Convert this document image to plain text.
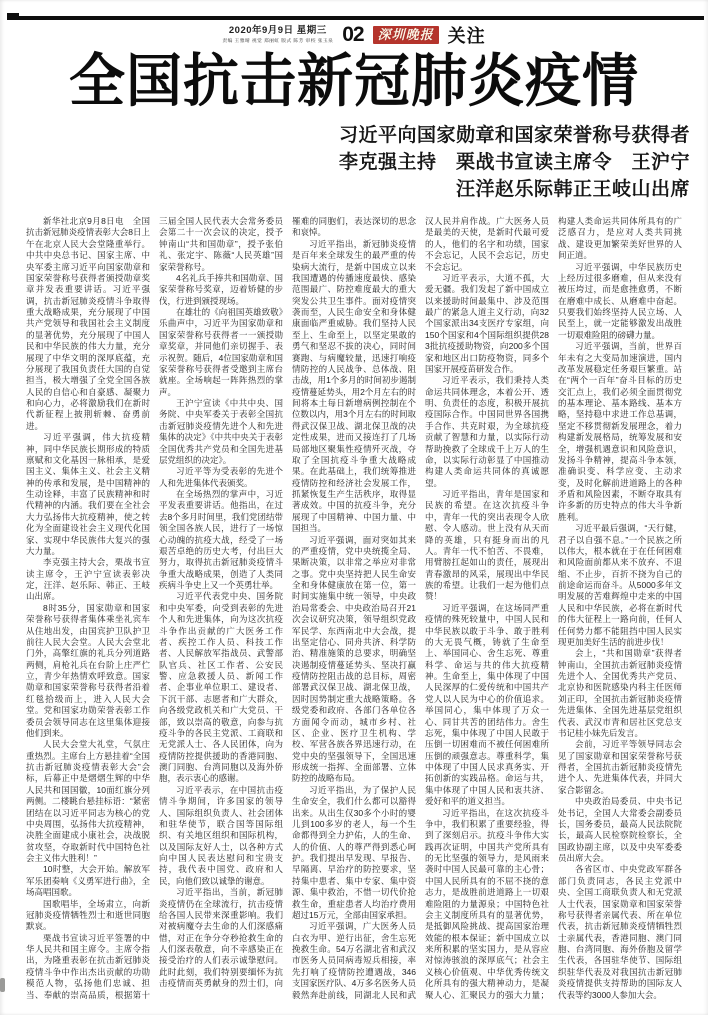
2020年9月9日 星期三
责编 王雅晴 视觉 郑丽虹 版式 陈芳 审校 张玉泉 02	深圳晚报 关注
全国抗击新冠肺炎疫情
习近平向国家勋章和国家荣誉称号获得者
李克强主持　栗战书宣读主席令　王沪宁
汪洋赵乐际韩正王岐山出席

新华社北京9月8日电　全国抗击新冠肺炎疫情表彰大会8日上午在北京人民大会堂隆重举行。中共中央总书记、国家主席、中央军委主席习近平向国家勋章和国家荣誉称号获得者颁授勋章奖章并发表重要讲话。习近平强调，抗击新冠肺炎疫情斗争取得重大战略成果，充分展现了中国共产党领导和我国社会主义制度的显著优势，充分展现了中国人民和中华民族的伟大力量，充分展现了中华文明的深厚底蕴，充分展现了我国负责任大国的自觉担当，极大增强了全党全国各族人民的自信心和自豪感、凝聚力和向心力，必将激励我们在新时代新征程上披荆斩棘、奋勇前进。

习近平强调，伟大抗疫精神，同中华民族长期形成的特质禀赋和文化基因一脉相承，是爱国主义、集体主义、社会主义精神的传承和发展，是中国精神的生动诠释，丰富了民族精神和时代精神的内涵。我们要在全社会大力弘扬伟大抗疫精神，使之转化为全面建设社会主义现代化国家、实现中华民族伟大复兴的强大力量。

李克强主持大会，栗战书宣读主席令，王沪宁宣读表彰决定，汪洋、赵乐际、韩正、王岐山出席。

8时35分，国家勋章和国家荣誉称号获得者集体乘坐礼宾车从住地出发，由国宾护卫队护卫前往人民大会堂。人民大会堂北门外，高擎红旗的礼兵分列道路两侧，肩枪礼兵在台阶上庄严伫立，青少年热情欢呼致意。国家勋章和国家荣誉称号获得者沿着红毯拾级而上，进入人民大会堂。党和国家功勋荣誉表彰工作委员会领导同志在这里集体迎接他们到来。

人民大会堂大礼堂，气氛庄重热烈。主席台上方悬挂着“全国抗击新冠肺炎疫情表彰大会”会标，后幕正中是熠熠生辉的中华人民共和国国徽，10面红旗分列两侧。二楼眺台悬挂标语：“紧密团结在以习近平同志为核心的党中央周围，弘扬伟大抗疫精神，决胜全面建成小康社会，决战脱贫攻坚，夺取新时代中国特色社会主义伟大胜利！”

10时整，大会开始。解放军军乐团奏响《义勇军进行曲》，全场高唱国歌。

国歌唱毕，全场肃立，向新冠肺炎疫情牺牲烈士和逝世同胞默哀。

栗战书宣读习近平签署的中华人民共和国主席令。主席令指出，为隆重表彰在抗击新冠肺炎疫情斗争中作出杰出贡献的功勋模范人物，弘扬他们忠诚、担当、奉献的崇高品质，根据第十三届全国人民代表大会常务委员会第二十一次会议的决定，授予钟南山“共和国勋章”，授予张伯礼、张定宇、陈薇“人民英雄”国家荣誉称号。

4名礼兵手捧共和国勋章、国家荣誉称号奖章，迈着矫健的步伐，行进到颁授现场。

在雄壮的《向祖国英雄致敬》乐曲声中，习近平为国家勋章和国家荣誉称号获得者一一颁授勋章奖章，并同他们亲切握手、表示祝贺。随后，4位国家勋章和国家荣誉称号获得者受邀到主席台就座。全场响起一阵阵热烈的掌声。

王沪宁宣读《中共中央、国务院、中央军委关于表彰全国抗击新冠肺炎疫情先进个人和先进集体的决定》《中共中央关于表彰全国优秀共产党员和全国先进基层党组织的决定》。

习近平等为受表彰的先进个人和先进集体代表颁奖。

在全场热烈的掌声中，习近平发表重要讲话。他指出，在过去8个多月时间里，我们党团结带领全国各族人民，进行了一场惊心动魄的抗疫大战，经受了一场艰苦卓绝的历史大考，付出巨大努力，取得抗击新冠肺炎疫情斗争重大战略成果，创造了人类同疾病斗争史上又一个英勇壮举。

习近平代表党中央、国务院和中央军委，向受到表彰的先进个人和先进集体，向为这次抗疫斗争作出贡献的广大医务工作者、疾控工作人员、科技工作者、人民解放军指战员、武警部队官兵、社区工作者、公安民警、应急救援人员、新闻工作者、企事业单位职工、建设者、下沉干部、志愿者和广大群众，向各级党政机关和广大党员、干部，致以崇高的敬意，向参与抗疫斗争的各民主党派、工商联和无党派人士、各人民团体，向为疫情防控提供援助的香港同胞、澳门同胞、台湾同胞以及海外侨胞，表示衷心的感谢。

习近平表示，在中国抗击疫情斗争期间，许多国家的领导人、国际组织负责人、社会团体和驻华使节，联合国等国际组织、有关地区组织和国际机构，以及国际友好人士，以各种方式向中国人民表达慰问和宝贵支持，我代表中国党、政府和人民，向他们致以诚挚的谢意。

习近平指出，当前，新冠肺炎疫情仍在全球流行，抗击疫情给各国人民带来深重影响。我们对被病魔夺去生命的人们深感痛惜，对正在争分夺秒抢救生命的人们深表敬意，向不幸感染正在接受治疗的人们表示诚挚慰问。此时此刻，我们特别要缅怀为抗击疫情而英勇献身的烈士们，向罹难的同胞们，表达深切的思念和哀悼。

习近平指出，新冠肺炎疫情是百年来全球发生的最严重的传染病大流行，是新中国成立以来我国遭遇的传播速度最快、感染范围最广、防控难度最大的重大突发公共卫生事件。面对疫情突袭而至，人民生命安全和身体健康面临严重威胁。我们坚持人民至上、生命至上，以坚定果敢的勇气和坚忍不拔的决心，同时间赛跑、与病魔较量，迅速打响疫情防控的人民战争、总体战、阻击战，用1个多月的时间初步遏制疫情蔓延势头，用2个月左右的时间将本土每日新增病例控制在个位数以内，用3个月左右的时间取得武汉保卫战、湖北保卫战的决定性成果，进而又接连打了几场局部地区聚集性疫情歼灭战，夺取了全国抗疫斗争重大战略成果。在此基础上，我们统筹推进疫情防控和经济社会发展工作，抓紧恢复生产生活秩序，取得显著成效。中国的抗疫斗争，充分展现了中国精神、中国力量、中国担当。

习近平强调，面对突如其来的严重疫情，党中央统揽全局、果断决策，以非常之举应对非常之事。党中央坚持把人民生命安全和身体健康放在第一位，第一时间实施集中统一领导，中央政治局常委会、中央政治局召开21次会议研究决策，领导组织党政军民学、东西南北中大会战，提出坚定信心、同舟共济、科学防治、精准施策的总要求，明确坚决遏制疫情蔓延势头、坚决打赢疫情防控阻击战的总目标，周密部署武汉保卫战、湖北保卫战，因时因势制定重大战略策略。各级党委和政府、各部门各单位各方面闻令而动，城市乡村、社区、企业、医疗卫生机构、学校、军营各族各界迅速行动，在党中央的坚强领导下，全国迅速形成统一指挥、全面部署、立体防控的战略布局。

习近平指出，为了保护人民生命安全，我们什么都可以豁得出来。从出生仅30多个小时的婴儿到100多岁的老人，每一个生命都得到全力护佑，人的生命、人的价值、人的尊严得到悉心呵护。我们提出早发现、早报告、早隔离、早治疗的防控要求，坚持集中患者、集中专家、集中资源、集中救治，不惜一切代价抢救生命，重症患者人均治疗费用超过15万元，全部由国家承担。

习近平强调，广大医务人员白衣为甲、逆行出征，舍生忘死挽救生命。54万名湖北省和武汉市医务人员同病毒短兵相接，率先打响了疫情防控遭遇战，346支国家医疗队、4万多名医务人员毅然奔赴前线，同湖北人民和武汉人民并肩作战。广大医务人员是最美的天使，是新时代最可爱的人，他们的名字和功绩，国家不会忘记，人民不会忘记，历史不会忘记。

习近平表示，大道不孤，大爱无疆。我们发起了新中国成立以来援助时间最集中、涉及范围最广的紧急人道主义行动，向32个国家派出34支医疗专家组，向150个国家和4个国际组织提供283批抗疫援助物资，向200多个国家和地区出口防疫物资，同多个国家开展疫苗研发合作。

习近平表示，我们秉持人类命运共同体理念，本着公开、透明、负责任的态度，积极开展抗疫国际合作。中国同世界各国携手合作、共克时艰，为全球抗疫贡献了智慧和力量，以实际行动帮助挽救了全球成千上万人的生命，以实际行动彰显了中国推动构建人类命运共同体的真诚愿望。

习近平指出，青年是国家和民族的希望。在这次抗疫斗争中，青年一代的突出表现令人欣慰、令人感动。世上没有从天而降的英雄，只有挺身而出的凡人。青年一代不怕苦、不畏难，用臂膀扛起如山的责任，展现出青春激昂的风采，展现出中华民族的希望。让我们一起为他们点赞！

习近平强调，在这场同严重疫情的殊死较量中，中国人民和中华民族以敢于斗争、敢于胜利的大无畏气概，铸就了生命至上、举国同心、舍生忘死、尊重科学、命运与共的伟大抗疫精神。生命至上，集中体现了中国人民深厚的仁爱传统和中国共产党人以人民为中心的价值追求。举国同心，集中体现了万众一心、同甘共苦的团结伟力。舍生忘死，集中体现了中国人民敢于压倒一切困难而不被任何困难所压倒的顽强意志。尊重科学，集中体现了中国人民求真务实、开拓创新的实践品格。命运与共，集中体现了中国人民和衷共济、爱好和平的道义担当。

习近平指出，在这次抗疫斗争中，我们积累了重要经验，得到了深刻启示。抗疫斗争伟大实践再次证明，中国共产党所具有的无比坚强的领导力，是风雨来袭时中国人民最可靠的主心骨；中国人民所具有的不屈不挠的意志力，是战胜前进道路上一切艰难险阻的力量源泉；中国特色社会主义制度所具有的显著优势，是抵御风险挑战、提高国家治理效能的根本保证；新中国成立以来所积累的坚实国力，是从容应对惊涛骇浪的深厚底气；社会主义核心价值观、中华优秀传统文化所具有的强大精神动力，是凝聚人心、汇聚民力的强大力量；构建人类命运共同体所具有的广泛感召力，是应对人类共同挑战、建设更加繁荣美好世界的人间正道。

习近平强调，中华民族历史上经历过很多磨难，但从来没有被压垮过，而是愈挫愈勇，不断在磨难中成长、从磨难中奋起。只要我们始终坚持人民立场、人民至上，就一定能够激发出战胜一切艰难险阻的磅礴力量。

习近平强调，当前，世界百年未有之大变局加速演进，国内改革发展稳定任务艰巨繁重。站在“两个一百年”奋斗目标的历史交汇点上，我们必须全面贯彻党的基本理论、基本路线、基本方略，坚持稳中求进工作总基调，坚定不移贯彻新发展理念，着力构建新发展格局，统筹发展和安全，增强机遇意识和风险意识，发扬斗争精神，提高斗争本领，准确识变、科学应变、主动求变，及时化解前进道路上的各种矛盾和风险因素，不断夺取具有许多新的历史特点的伟大斗争新胜利。

习近平最后强调，“天行健，君子以自强不息。”一个民族之所以伟大，根本就在于在任何困难和风险面前都从来不放弃、不退缩、不止步，百折不挠为自己的前途命运而奋斗。从5000多年文明发展的苦难辉煌中走来的中国人民和中华民族，必将在新时代的伟大征程上一路向前，任何人任何势力都不能阻挡中国人民实现更加美好生活的前进步伐！

会上，“共和国勋章”获得者钟南山，全国抗击新冠肺炎疫情先进个人、全国优秀共产党员、北京协和医院感染内科主任医师刘正印，全国抗击新冠肺炎疫情先进集体、全国先进基层党组织代表、武汉市青和居社区党总支书记桂小妹先后发言。

会前，习近平等领导同志会见了国家勋章和国家荣誉称号获得者，全国抗击新冠肺炎疫情先进个人、先进集体代表，并同大家合影留念。

中央政治局委员、中央书记处书记，全国人大常委会副委员长，国务委员，最高人民法院院长，最高人民检察院检察长，全国政协副主席，以及中央军委委员出席大会。

各省区市、中央党政军群各部门负责同志，各民主党派中央、全国工商联负责人和无党派人士代表，国家勋章和国家荣誉称号获得者亲属代表、所在单位代表，抗击新冠肺炎疫情牺牲烈士亲属代表，香港同胞、澳门同胞、台湾同胞、海外侨胞及留学生代表，各国驻华使节、国际组织驻华代表及对我国抗击新冠肺炎疫情提供支持帮助的国际友人代表等约3000人参加大会。
